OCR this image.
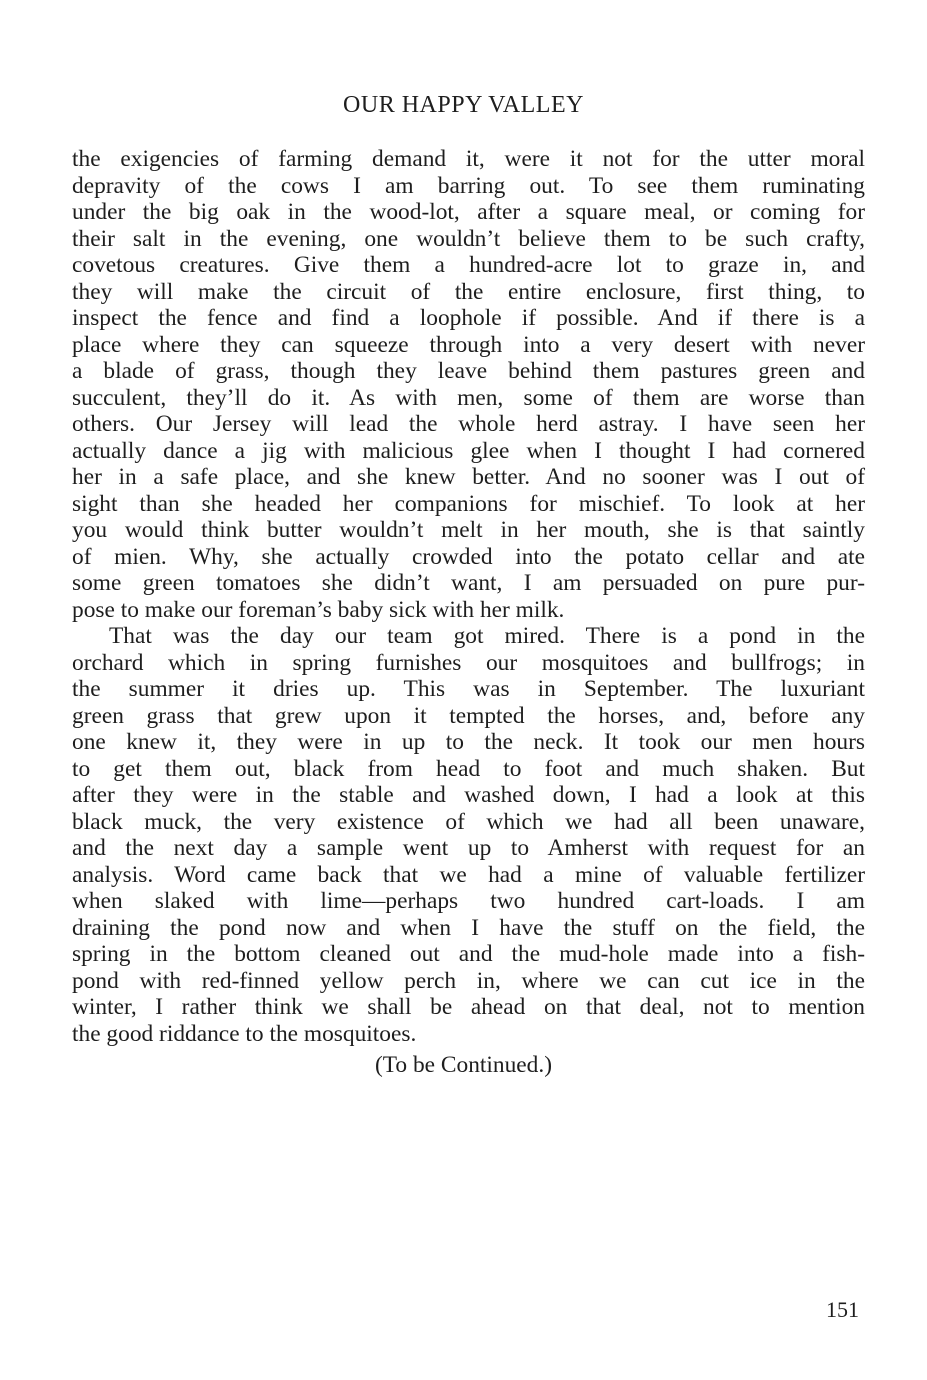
OUR HAPPY VALLEY
the exigencies of farming demand it, were it not for the utter moral
depravity of the cows I am barring out. To see them ruminating
under the big oak in the wood-lot, after a square meal, or coming for
their salt in the evening, one wouldn’t believe them to be such crafty,
covetous creatures. Give them a hundred-acre lot to graze in, and
they will make the circuit of the entire enclosure, first thing, to
inspect the fence and find a loophole if possible. And if there is a
place where they can squeeze through into a very desert with never
a blade of grass, though they leave behind them pastures green and
succulent, they’ll do it. As with men, some of them are worse than
others. Our Jersey will lead the whole herd astray. I have seen her
actually dance a jig with malicious glee when I thought I had cornered
her in a safe place, and she knew better. And no sooner was I out of
sight than she headed her companions for mischief. To look at her
you would think butter wouldn’t melt in her mouth, she is that saintly
of mien. Why, she actually crowded into the potato cellar and ate
some green tomatoes she didn’t want, I am persuaded on pure pur-
pose to make our foreman’s baby sick with her milk.
That was the day our team got mired. There is a pond in the
orchard which in spring furnishes our mosquitoes and bullfrogs; in
the summer it dries up. This was in September. The luxuriant
green grass that grew upon it tempted the horses, and, before any
one knew it, they were in up to the neck. It took our men hours
to get them out, black from head to foot and much shaken. But
after they were in the stable and washed down, I had a look at this
black muck, the very existence of which we had all been unaware,
and the next day a sample went up to Amherst with request for an
analysis. Word came back that we had a mine of valuable fertilizer
when slaked with lime—perhaps two hundred cart-loads. I am
draining the pond now and when I have the stuff on the field, the
spring in the bottom cleaned out and the mud-hole made into a fish-
pond with red-finned yellow perch in, where we can cut ice in the
winter, I rather think we shall be ahead on that deal, not to mention
the good riddance to the mosquitoes.
(To be Continued.)
151
